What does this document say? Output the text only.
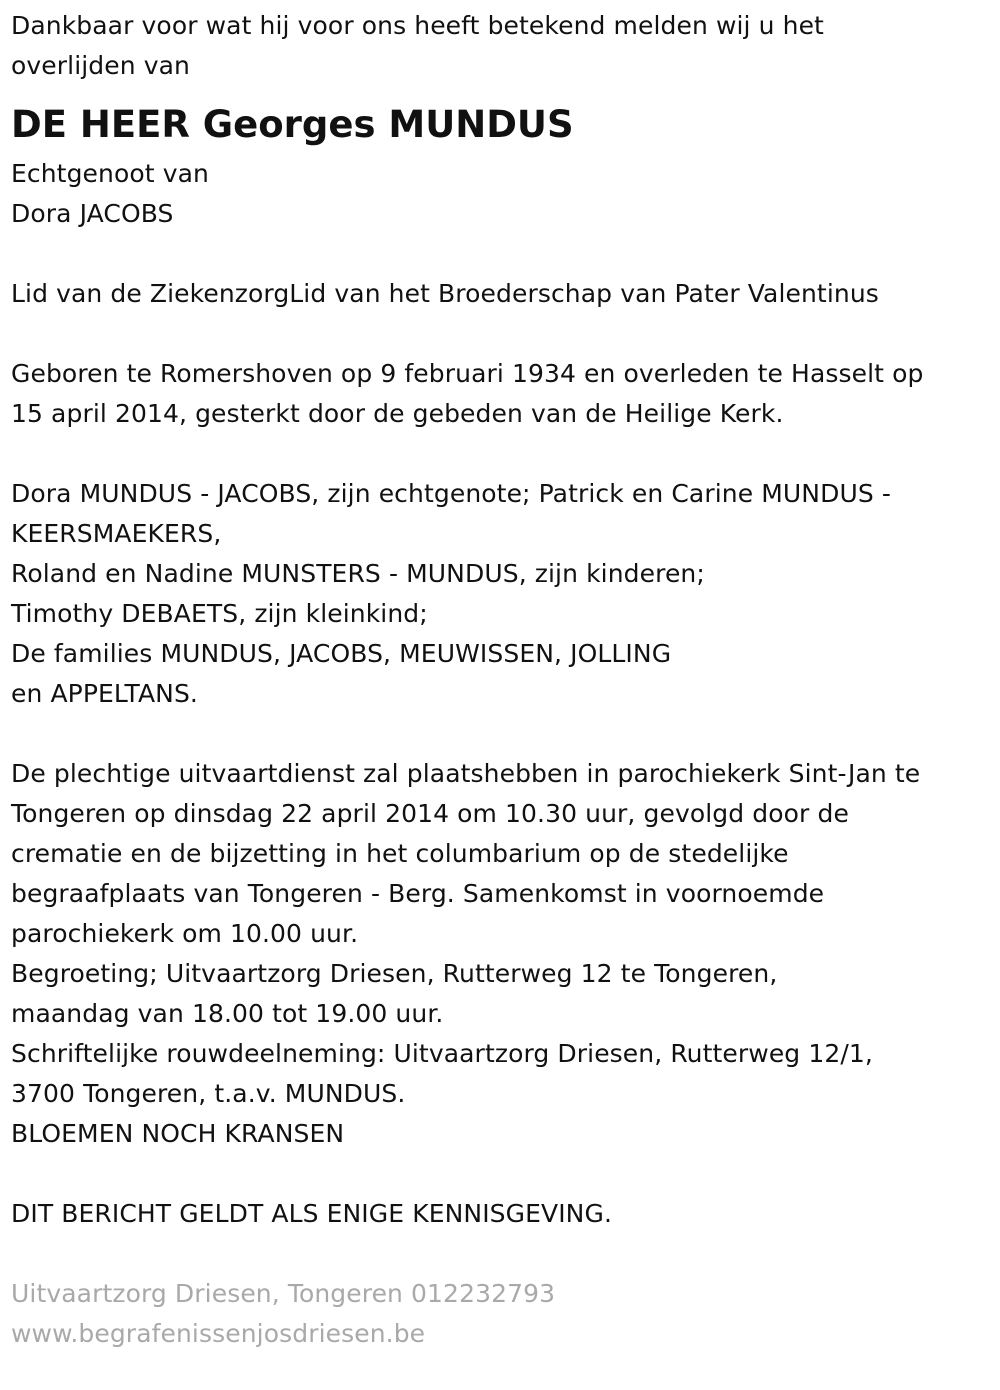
Dankbaar voor wat hij voor ons heeft betekend melden wij u het
overlijden van
DE HEER Georges MUNDUS
Echtgenoot van
Dora JACOBS
Lid van de ZiekenzorgLid van het Broederschap van Pater Valentinus
Geboren te Romershoven op 9 februari 1934 en overleden te Hasselt op
15 april 2014, gesterkt door de gebeden van de Heilige Kerk.
Dora MUNDUS - JACOBS, zijn echtgenote; Patrick en Carine MUNDUS -
KEERSMAEKERS,
Roland en Nadine MUNSTERS - MUNDUS, zijn kinderen;
Timothy DEBAETS, zijn kleinkind;
De families MUNDUS, JACOBS, MEUWISSEN, JOLLING
en APPELTANS.
De plechtige uitvaartdienst zal plaatshebben in parochiekerk Sint-Jan te
Tongeren op dinsdag 22 april 2014 om 10.30 uur, gevolgd door de
crematie en de bijzetting in het columbarium op de stedelijke
begraafplaats van Tongeren - Berg. Samenkomst in voornoemde
parochiekerk om 10.00 uur.
Begroeting; Uitvaartzorg Driesen, Rutterweg 12 te Tongeren,
maandag van 18.00 tot 19.00 uur.
Schriftelijke rouwdeelneming: Uitvaartzorg Driesen, Rutterweg 12/1,
3700 Tongeren, t.a.v. MUNDUS.
BLOEMEN NOCH KRANSEN
DIT BERICHT GELDT ALS ENIGE KENNISGEVING.
Uitvaartzorg Driesen, Tongeren 012232793
www.begrafenissenjosdriesen.be
